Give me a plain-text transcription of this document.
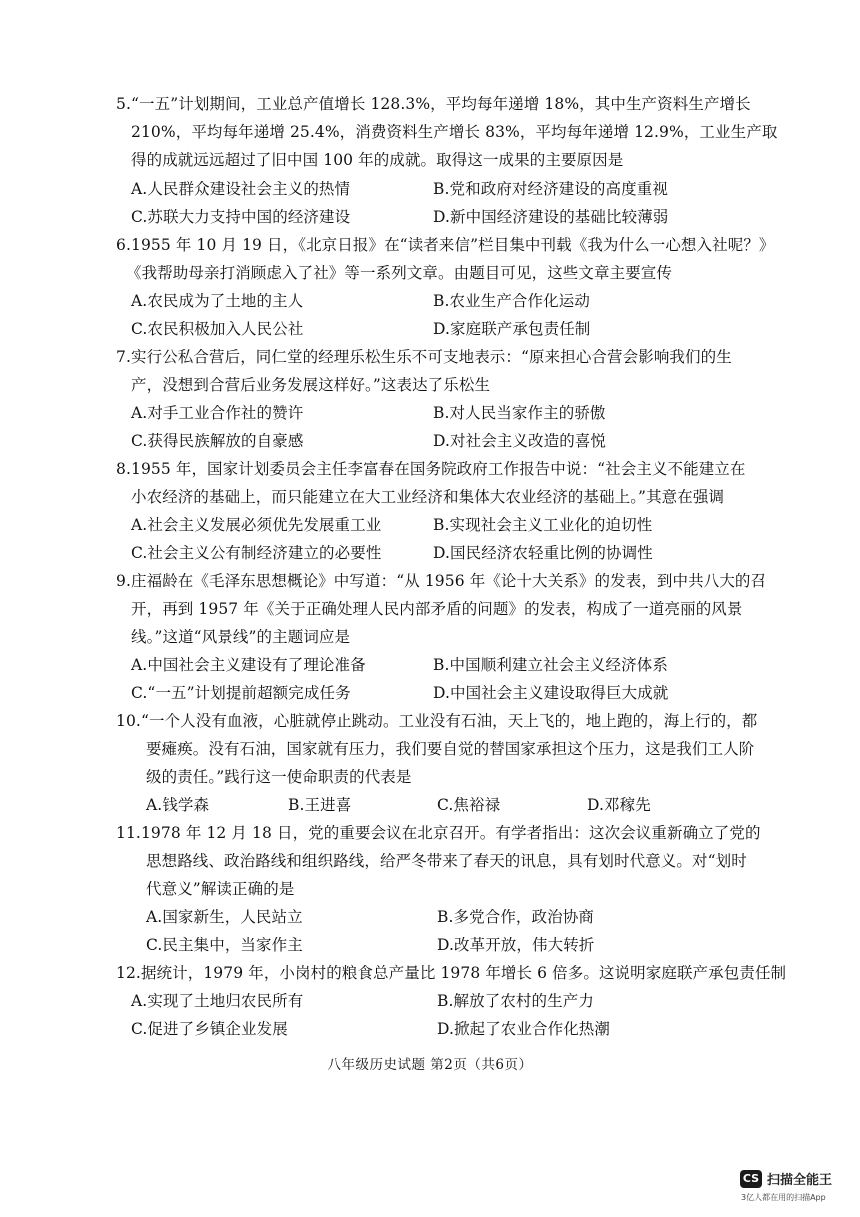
5.“一五”计划期间，工业总产值增长 128.3%，平均每年递增 18%，其中生产资料生产增长
210%，平均每年递增 25.4%，消费资料生产增长 83%，平均每年递增 12.9%，工业生产取
得的成就远远超过了旧中国 100 年的成就。取得这一成果的主要原因是
A.人民群众建设社会主义的热情	B.党和政府对经济建设的高度重视
C.苏联大力支持中国的经济建设	D.新中国经济建设的基础比较薄弱
6.1955 年 10 月 19 日，《北京日报》在“读者来信”栏目集中刊载《我为什么一心想入社呢？》
《我帮助母亲打消顾虑入了社》等一系列文章。由题目可见，这些文章主要宣传
A.农民成为了土地的主人	B.农业生产合作化运动
C.农民积极加入人民公社	D.家庭联产承包责任制
7.实行公私合营后，同仁堂的经理乐松生乐不可支地表示：“原来担心合营会影响我们的生
产，没想到合营后业务发展这样好。”这表达了乐松生
A.对手工业合作社的赞许	B.对人民当家作主的骄傲
C.获得民族解放的自豪感	D.对社会主义改造的喜悦
8.1955 年，国家计划委员会主任李富春在国务院政府工作报告中说：“社会主义不能建立在
小农经济的基础上，而只能建立在大工业经济和集体大农业经济的基础上。”其意在强调
A.社会主义发展必须优先发展重工业	B.实现社会主义工业化的迫切性
C.社会主义公有制经济建立的必要性	D.国民经济农轻重比例的协调性
9.庄福龄在《毛泽东思想概论》中写道：“从 1956 年《论十大关系》的发表，到中共八大的召
开，再到 1957 年《关于正确处理人民内部矛盾的问题》的发表，构成了一道亮丽的风景
线。”这道“风景线”的主题词应是
A.中国社会主义建设有了理论准备	B.中国顺利建立社会主义经济体系
C.“一五”计划提前超额完成任务	D.中国社会主义建设取得巨大成就
10.“一个人没有血液，心脏就停止跳动。工业没有石油，天上飞的，地上跑的，海上行的，都
要瘫痪。没有石油，国家就有压力，我们要自觉的替国家承担这个压力，这是我们工人阶
级的责任。”践行这一使命职责的代表是
A.钱学森	B.王进喜	C.焦裕禄	D.邓稼先
11.1978 年 12 月 18 日，党的重要会议在北京召开。有学者指出：这次会议重新确立了党的
思想路线、政治路线和组织路线，给严冬带来了春天的讯息，具有划时代意义。对“划时
代意义”解读正确的是
A.国家新生，人民站立	B.多党合作，政治协商
C.民主集中，当家作主	D.改革开放，伟大转折
12.据统计，1979 年，小岗村的粮食总产量比 1978 年增长 6 倍多。这说明家庭联产承包责任制
A.实现了土地归农民所有	B.解放了农村的生产力
C.促进了乡镇企业发展	D.掀起了农业合作化热潮
八年级历史试题 第2页（共6页）
CS 扫描全能王
3亿人都在用的扫描App
